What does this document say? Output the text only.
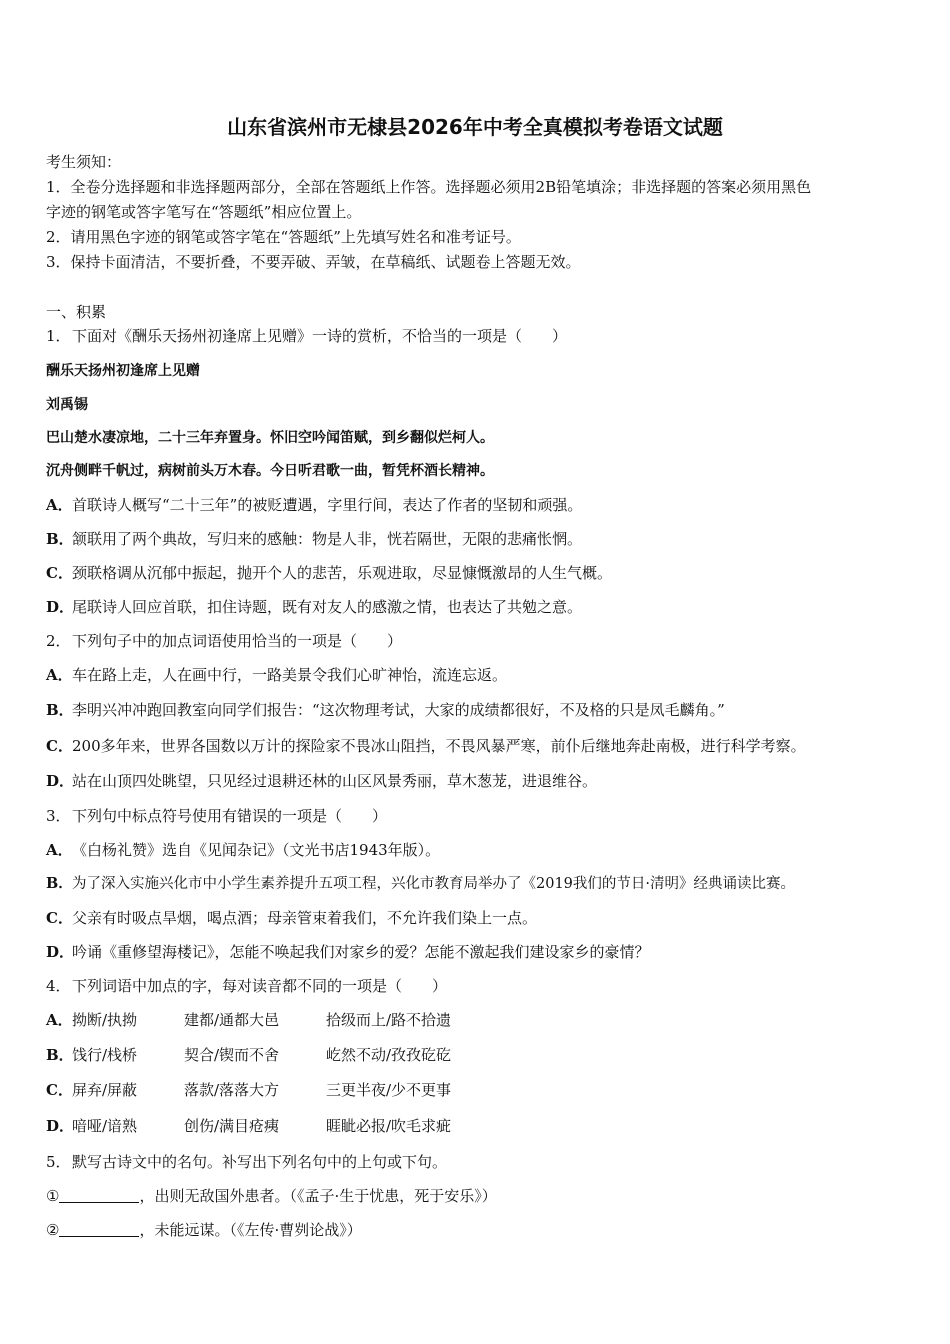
山东省滨州市无棣县2026年中考全真模拟考卷语文试题
考生须知：
1．全卷分选择题和非选择题两部分，全部在答题纸上作答。选择题必须用2B铅笔填涂；非选择题的答案必须用黑色
字迹的钢笔或答字笔写在“答题纸”相应位置上。
2．请用黑色字迹的钢笔或答字笔在“答题纸”上先填写姓名和准考证号。
3．保持卡面清洁，不要折叠，不要弄破、弄皱，在草稿纸、试题卷上答题无效。
一、积累
1．下面对《酬乐天扬州初逢席上见赠》一诗的赏析，不恰当的一项是（　　）
酬乐天扬州初逢席上见赠
刘禹锡
巴山楚水凄凉地，二十三年弃置身。怀旧空吟闻笛赋，到乡翻似烂柯人。
沉舟侧畔千帆过，病树前头万木春。今日听君歌一曲，暂凭杯酒长精神。
A．首联诗人概写“二十三年”的被贬遭遇，字里行间，表达了作者的坚韧和顽强。
B．颔联用了两个典故，写归来的感触：物是人非，恍若隔世，无限的悲痛怅惘。
C．颈联格调从沉郁中振起，抛开个人的悲苦，乐观进取，尽显慷慨激昂的人生气概。
D．尾联诗人回应首联，扣住诗题，既有对友人的感激之情，也表达了共勉之意。
2．下列句子中的加点词语使用恰当的一项是（　　）
A．车在路上走，人在画中行，一路美景令我们心旷神怡，流连忘返。
B．李明兴冲冲跑回教室向同学们报告：“这次物理考试，大家的成绩都很好，不及格的只是凤毛麟角。”
C．200多年来，世界各国数以万计的探险家不畏冰山阻挡，不畏风暴严寒，前仆后继地奔赴南极，进行科学考察。
D．站在山顶四处眺望，只见经过退耕还林的山区风景秀丽，草木葱茏，进退维谷。
3．下列句中标点符号使用有错误的一项是（　　）
A．《白杨礼赞》选自《见闻杂记》（文光书店1943年版）。
B．为了深入实施兴化市中小学生素养提升五项工程，兴化市教育局举办了《2019我们的节日·清明》经典诵读比赛。
C．父亲有时吸点旱烟，喝点酒；母亲管束着我们，不允许我们染上一点。
D．吟诵《重修望海楼记》，怎能不唤起我们对家乡的爱？怎能不激起我们建设家乡的豪情？
4．下列词语中加点的字，每对读音都不同的一项是（　　）
A．拗断/执拗	建都/通都大邑	拾级而上/路不拾遗
B．饯行/栈桥	契合/锲而不舍	屹然不动/孜孜矻矻
C．屏弃/屏蔽	落款/落落大方	三更半夜/少不更事
D．喑哑/谙熟	创伤/满目疮痍	睚眦必报/吹毛求疵
5．默写古诗文中的名句。补写出下列名句中的上句或下句。
①	，出则无敌国外患者。（《孟子·生于忧患，死于安乐》）
②	，未能远谋。（《左传·曹刿论战》）
